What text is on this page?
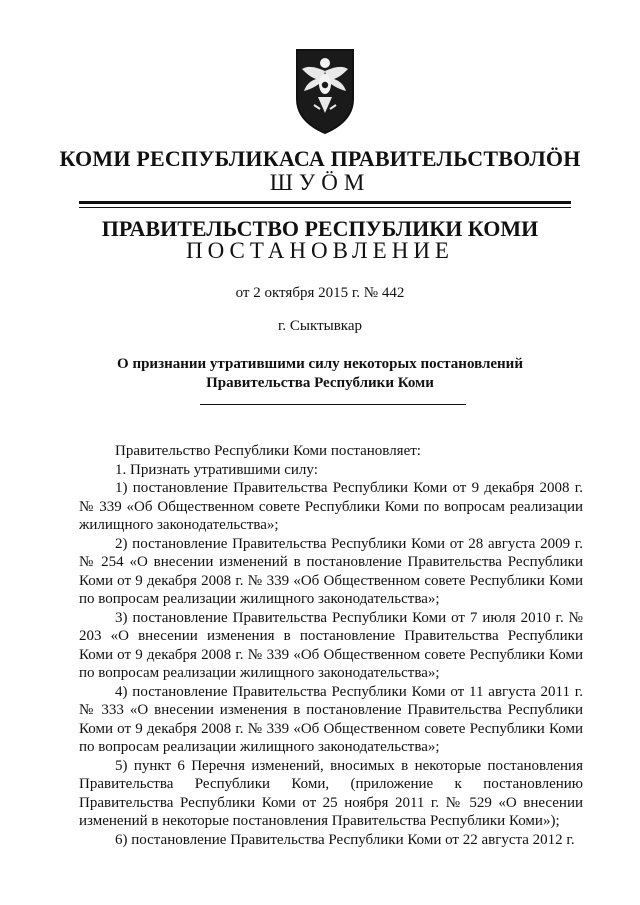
КОМИ РЕСПУБЛИКАСА ПРАВИТЕЛЬСТВОЛÖН
ШУÖМ
ПРАВИТЕЛЬСТВО РЕСПУБЛИКИ КОМИ
ПОСТАНОВЛЕНИЕ
от 2 октября 2015 г. № 442
г. Сыктывкар
О признании утратившими силу некоторых постановлений
Правительства Республики Коми

Правительство Республики Коми постановляет:

1. Признать утратившими силу:

1) постановление Правительства Республики Коми от 9 декабря 2008 г. № 339 «Об Общественном совете Республики Коми по вопросам реализации жилищного законодательства»;

2) постановление Правительства Республики Коми от 28 августа 2009 г. № 254 «О внесении изменений в постановление Правительства Республики Коми от 9 декабря 2008 г. № 339 «Об Общественном совете Республики Коми по вопросам реализации жилищного законодательства»;

3) постановление Правительства Республики Коми от 7 июля 2010 г. № 203 «О внесении изменения в постановление Правительства Республики Коми от 9 декабря 2008 г. № 339 «Об Общественном совете Республики Коми по вопросам реализации жилищного законодательства»;

4) постановление Правительства Республики Коми от 11 августа 2011 г. № 333 «О внесении изменения в постановление Правительства Республики Коми от 9 декабря 2008 г. № 339 «Об Общественном совете Республики Коми по вопросам реализации жилищного законодательства»;

5) пункт 6 Перечня изменений, вносимых в некоторые постановления Правительства Республики Коми, (приложение к постановлению Правительства Республики Коми от 25 ноября 2011 г. № 529 «О внесении изменений в некоторые постановления Правительства Республики Коми»);

6) постановление Правительства Республики Коми от 22 августа 2012 г.
